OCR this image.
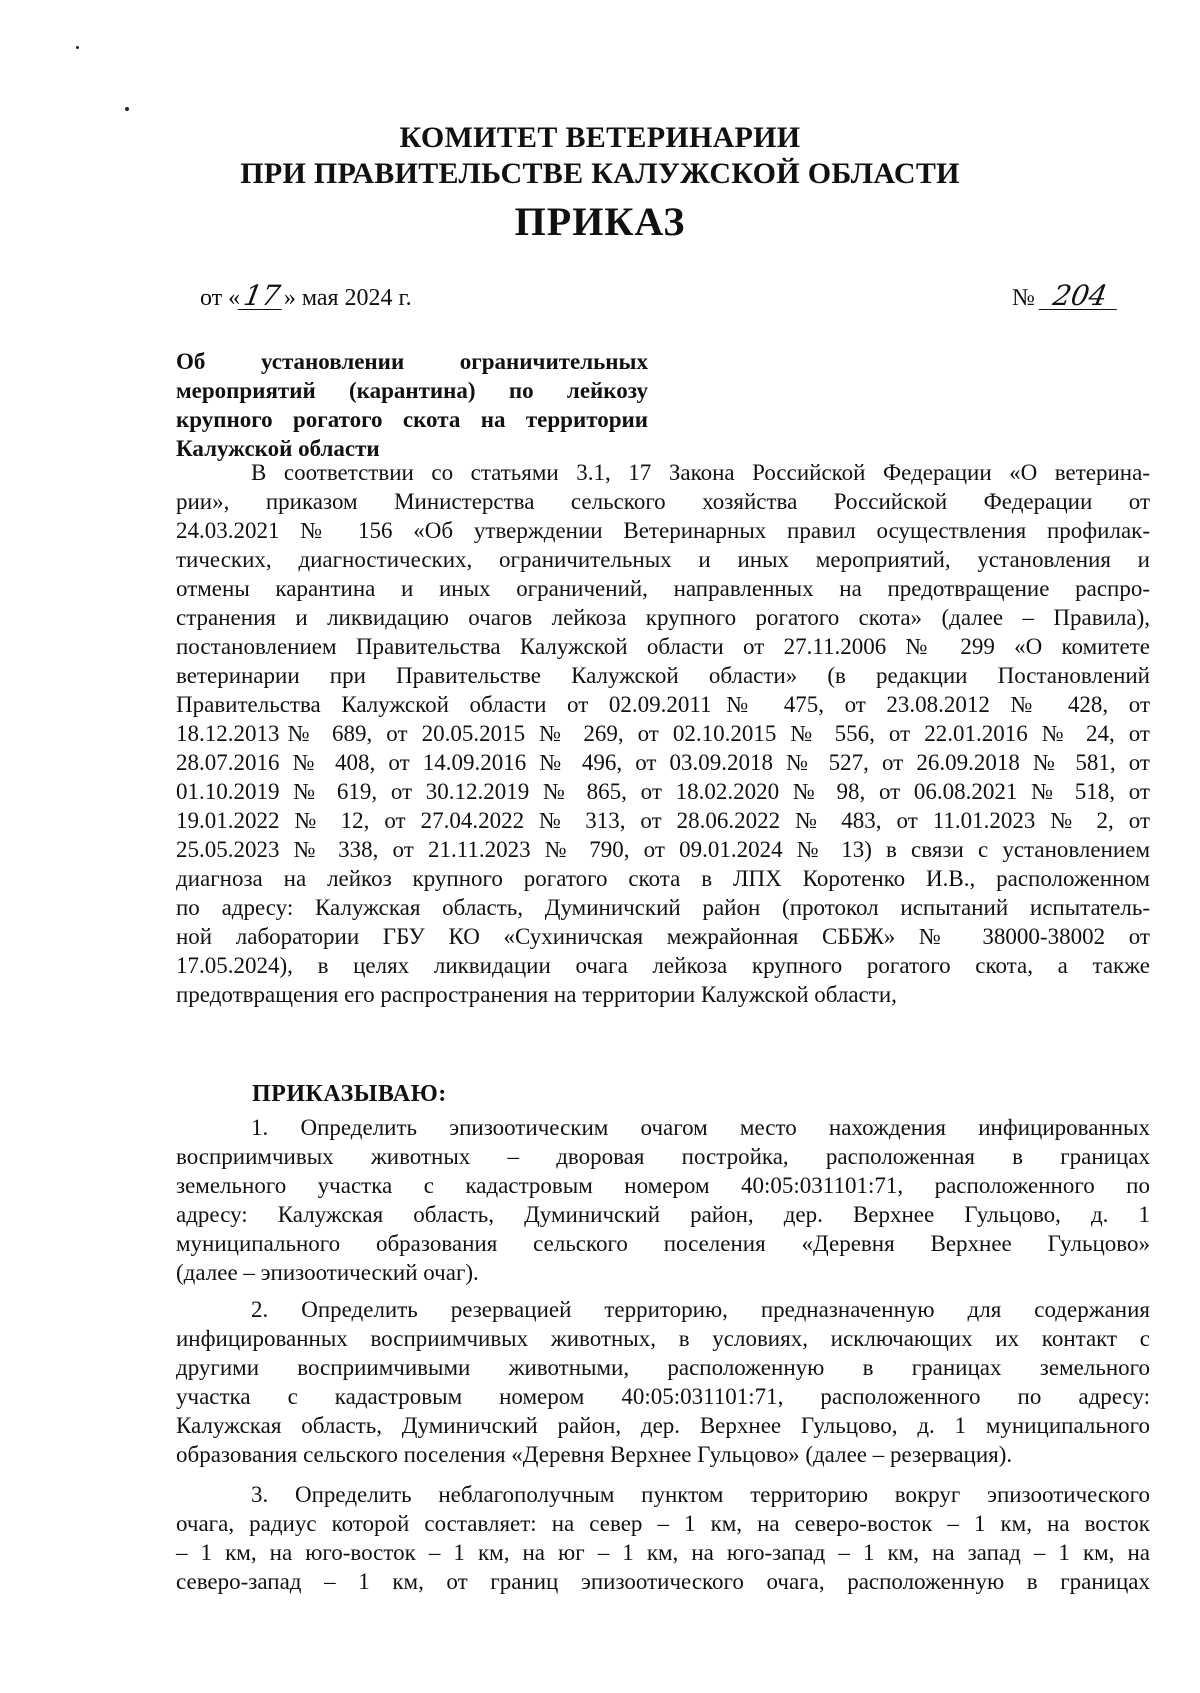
КОМИТЕТ ВЕТЕРИНАРИИ
ПРИ ПРАВИТЕЛЬСТВЕ КАЛУЖСКОЙ ОБЛАСТИ
ПРИКАЗ
от «17» мая 2024 г.	№ 204
Об установлении ограничительных
мероприятий (карантина) по лейкозу
крупного рогатого скота на территории
Калужской области
В соответствии со статьями 3.1, 17 Закона Российской Федерации «О ветерина-
рии», приказом Министерства сельского хозяйства Российской Федерации от
24.03.2021 № 156 «Об утверждении Ветеринарных правил осуществления профилак-
тических, диагностических, ограничительных и иных мероприятий, установления и
отмены карантина и иных ограничений, направленных на предотвращение распро-
странения и ликвидацию очагов лейкоза крупного рогатого скота» (далее – Правила),
постановлением Правительства Калужской области от 27.11.2006 № 299 «О комитете
ветеринарии при Правительстве Калужской области» (в редакции Постановлений
Правительства Калужской области от 02.09.2011№ 475, от 23.08.2012 № 428, от
18.12.2013№ 689, от 20.05.2015 № 269, от 02.10.2015 № 556, от 22.01.2016 № 24, от
28.07.2016 № 408, от 14.09.2016 № 496, от 03.09.2018 № 527, от 26.09.2018 № 581, от
01.10.2019 № 619, от 30.12.2019 № 865, от 18.02.2020 № 98, от 06.08.2021 № 518, от
19.01.2022 № 12, от 27.04.2022 № 313, от 28.06.2022 № 483, от 11.01.2023 № 2, от
25.05.2023 № 338, от 21.11.2023 № 790, от 09.01.2024 № 13) в связи с установлением
диагноза на лейкоз крупного рогатого скота в ЛПХ Коротенко И.В., расположенном
по адресу: Калужская область, Думиничский район (протокол испытаний испытатель-
ной лаборатории ГБУ КО «Сухиничская межрайонная СББЖ» № 38000-38002 от
17.05.2024), в целях ликвидации очага лейкоза крупного рогатого скота, а также
предотвращения его распространения на территории Калужской области,
ПРИКАЗЫВАЮ:
1. Определить эпизоотическим очагом место нахождения инфицированных
восприимчивых животных – дворовая постройка, расположенная в границах
земельного участка с кадастровым номером 40:05:031101:71, расположенного по
адресу: Калужская область, Думиничский район, дер. Верхнее Гульцово, д. 1
муниципального образования сельского поселения «Деревня Верхнее Гульцово»
(далее – эпизоотический очаг).
2. Определить резервацией территорию, предназначенную для содержания
инфицированных восприимчивых животных, в условиях, исключающих их контакт с
другими восприимчивыми животными, расположенную в границах земельного
участка с кадастровым номером 40:05:031101:71, расположенного по адресу:
Калужская область, Думиничский район, дер. Верхнее Гульцово, д. 1 муниципального
образования сельского поселения «Деревня Верхнее Гульцово» (далее – резервация).
3. Определить неблагополучным пунктом территорию вокруг эпизоотического
очага, радиус которой составляет: на север – 1 км, на северо-восток – 1 км, на восток
– 1 км, на юго-восток – 1 км, на юг – 1 км, на юго-запад – 1 км, на запад – 1 км, на
северо-запад – 1 км, от границ эпизоотического очага, расположенную в границах
